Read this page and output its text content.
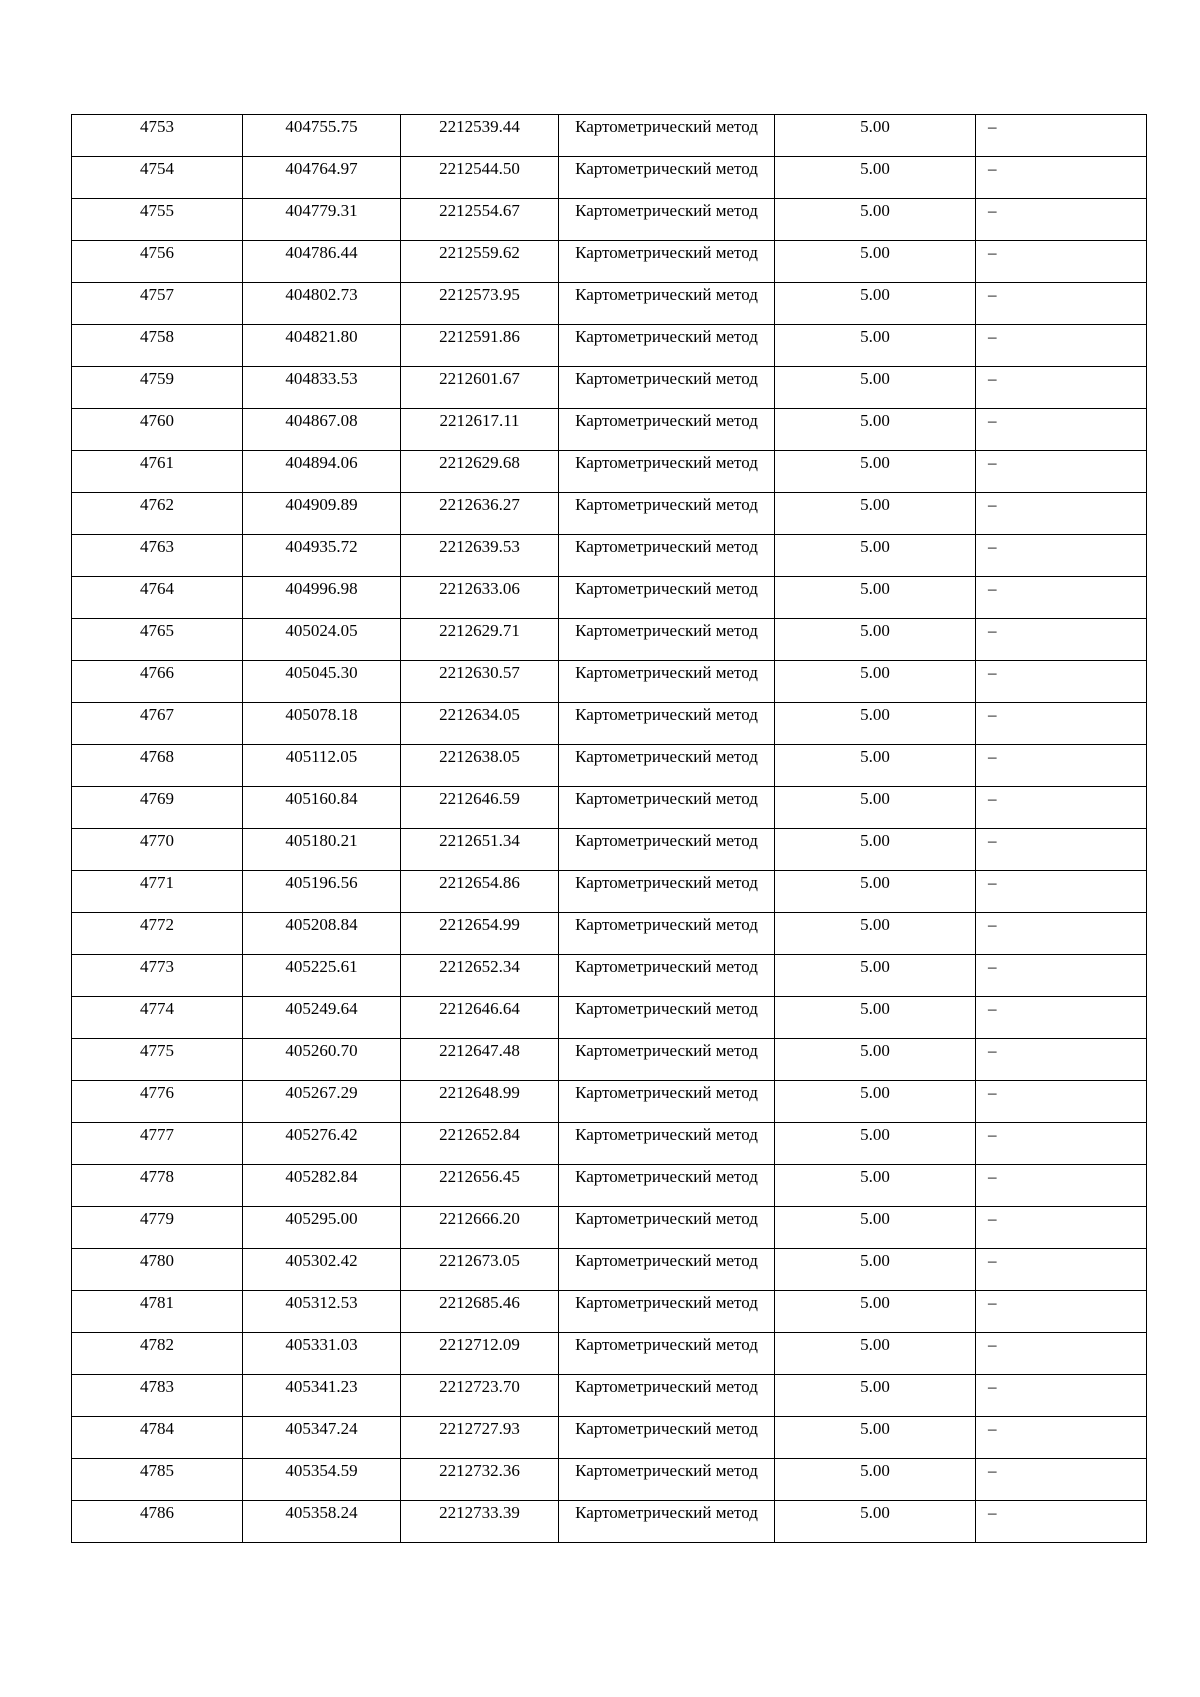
4753	404755.75	2212539.44	Картометрический метод	5.00	–
4754	404764.97	2212544.50	Картометрический метод	5.00	–
4755	404779.31	2212554.67	Картометрический метод	5.00	–
4756	404786.44	2212559.62	Картометрический метод	5.00	–
4757	404802.73	2212573.95	Картометрический метод	5.00	–
4758	404821.80	2212591.86	Картометрический метод	5.00	–
4759	404833.53	2212601.67	Картометрический метод	5.00	–
4760	404867.08	2212617.11	Картометрический метод	5.00	–
4761	404894.06	2212629.68	Картометрический метод	5.00	–
4762	404909.89	2212636.27	Картометрический метод	5.00	–
4763	404935.72	2212639.53	Картометрический метод	5.00	–
4764	404996.98	2212633.06	Картометрический метод	5.00	–
4765	405024.05	2212629.71	Картометрический метод	5.00	–
4766	405045.30	2212630.57	Картометрический метод	5.00	–
4767	405078.18	2212634.05	Картометрический метод	5.00	–
4768	405112.05	2212638.05	Картометрический метод	5.00	–
4769	405160.84	2212646.59	Картометрический метод	5.00	–
4770	405180.21	2212651.34	Картометрический метод	5.00	–
4771	405196.56	2212654.86	Картометрический метод	5.00	–
4772	405208.84	2212654.99	Картометрический метод	5.00	–
4773	405225.61	2212652.34	Картометрический метод	5.00	–
4774	405249.64	2212646.64	Картометрический метод	5.00	–
4775	405260.70	2212647.48	Картометрический метод	5.00	–
4776	405267.29	2212648.99	Картометрический метод	5.00	–
4777	405276.42	2212652.84	Картометрический метод	5.00	–
4778	405282.84	2212656.45	Картометрический метод	5.00	–
4779	405295.00	2212666.20	Картометрический метод	5.00	–
4780	405302.42	2212673.05	Картометрический метод	5.00	–
4781	405312.53	2212685.46	Картометрический метод	5.00	–
4782	405331.03	2212712.09	Картометрический метод	5.00	–
4783	405341.23	2212723.70	Картометрический метод	5.00	–
4784	405347.24	2212727.93	Картометрический метод	5.00	–
4785	405354.59	2212732.36	Картометрический метод	5.00	–
4786	405358.24	2212733.39	Картометрический метод	5.00	–
